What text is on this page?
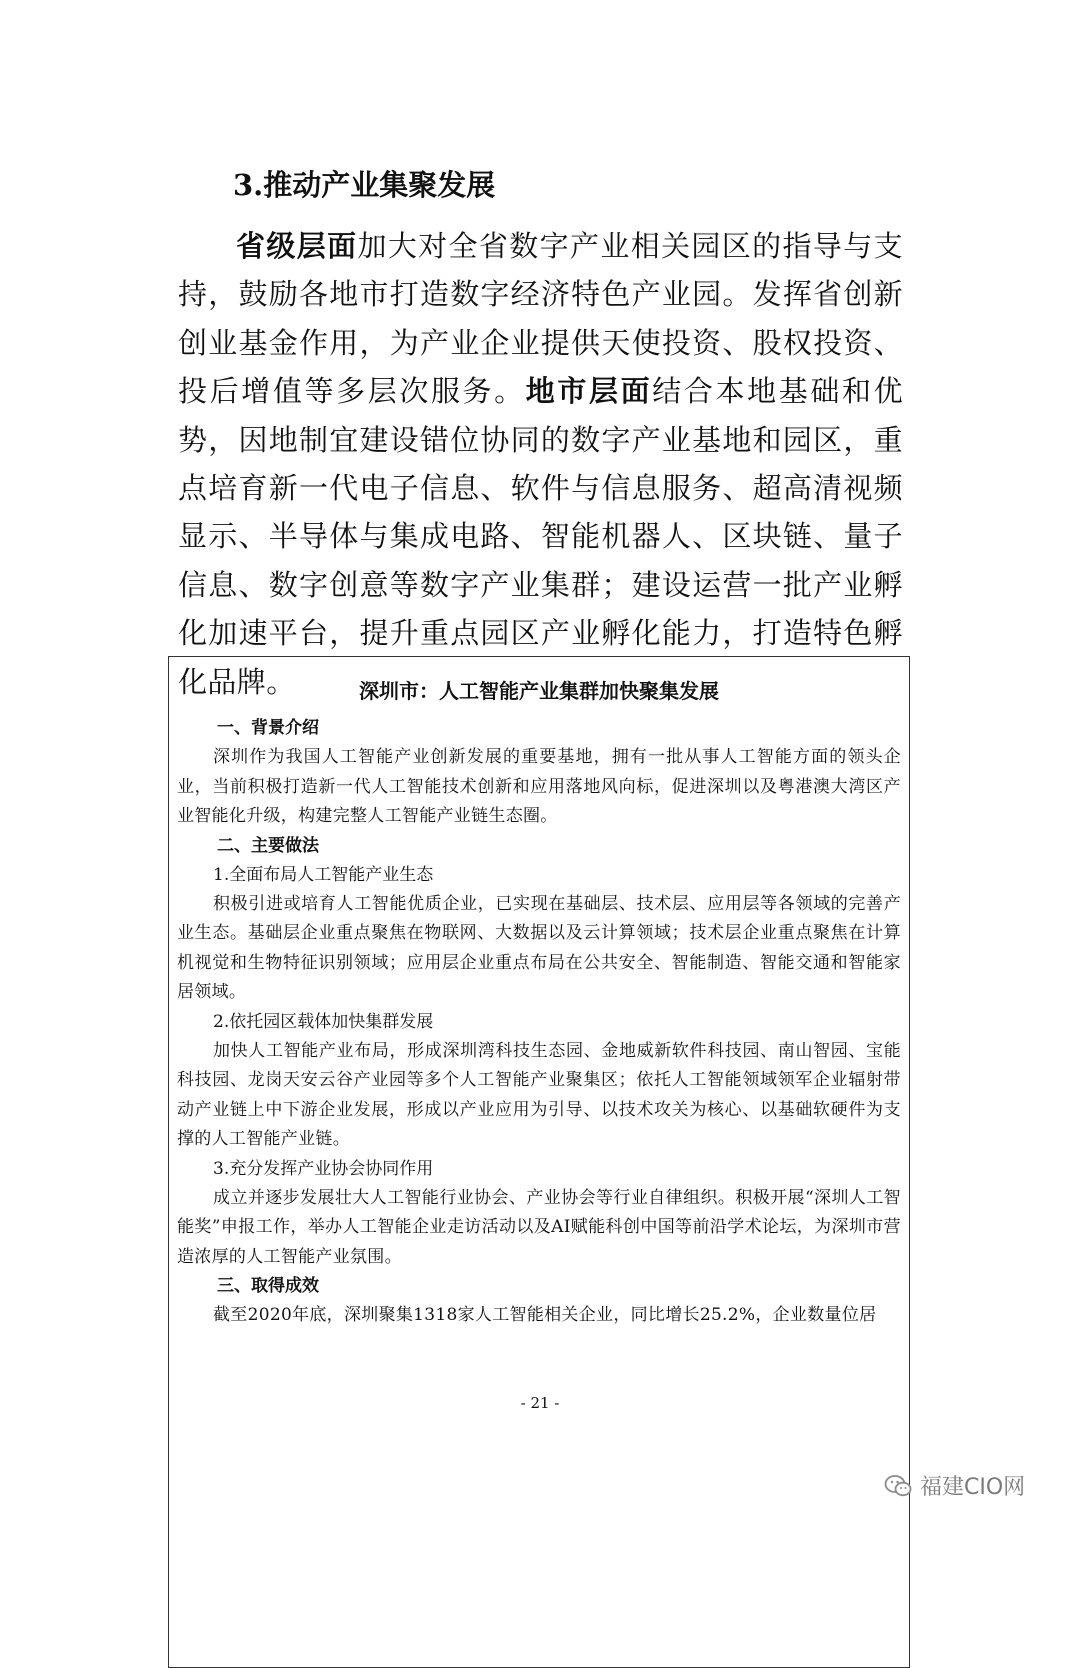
3.推动产业集聚发展

省级层面加大对全省数字产业相关园区的指导与支持，鼓励各地市打造数字经济特色产业园。发挥省创新创业基金作用，为产业企业提供天使投资、股权投资、投后增值等多层次服务。地市层面结合本地基础和优势，因地制宜建设错位协同的数字产业基地和园区，重点培育新一代电子信息、软件与信息服务、超高清视频显示、半导体与集成电路、智能机器人、区块链、量子信息、数字创意等数字产业集群；建设运营一批产业孵化加速平台，提升重点园区产业孵化能力，打造特色孵化品牌。	深圳市：人工智能产业集群加快聚集发展
一、背景介绍

深圳作为我国人工智能产业创新发展的重要基地，拥有一批从事人工智能方面的领头企业，当前积极打造新一代人工智能技术创新和应用落地风向标，促进深圳以及粤港澳大湾区产业智能化升级，构建完整人工智能产业链生态圈。

二、主要做法
1.全面布局人工智能产业生态

积极引进或培育人工智能优质企业，已实现在基础层、技术层、应用层等各领域的完善产业生态。基础层企业重点聚焦在物联网、大数据以及云计算领域；技术层企业重点聚焦在计算机视觉和生物特征识别领域；应用层企业重点布局在公共安全、智能制造、智能交通和智能家居领域。

2.依托园区载体加快集群发展

加快人工智能产业布局，形成深圳湾科技生态园、金地威新软件科技园、南山智园、宝能科技园、龙岗天安云谷产业园等多个人工智能产业聚集区；依托人工智能领域领军企业辐射带动产业链上中下游企业发展，形成以产业应用为引导、以技术攻关为核心、以基础软硬件为支撑的人工智能产业链。

3.充分发挥产业协会协同作用

成立并逐步发展壮大人工智能行业协会、产业协会等行业自律组织。积极开展“深圳人工智能奖”申报工作，举办人工智能企业走访活动以及AI赋能科创中国等前沿学术论坛，为深圳市营造浓厚的人工智能产业氛围。

三、取得成效

截至2020年底，深圳聚集1318家人工智能相关企业，同比增长25.2%，企业数量位居

- 21 -
福建CIO网
